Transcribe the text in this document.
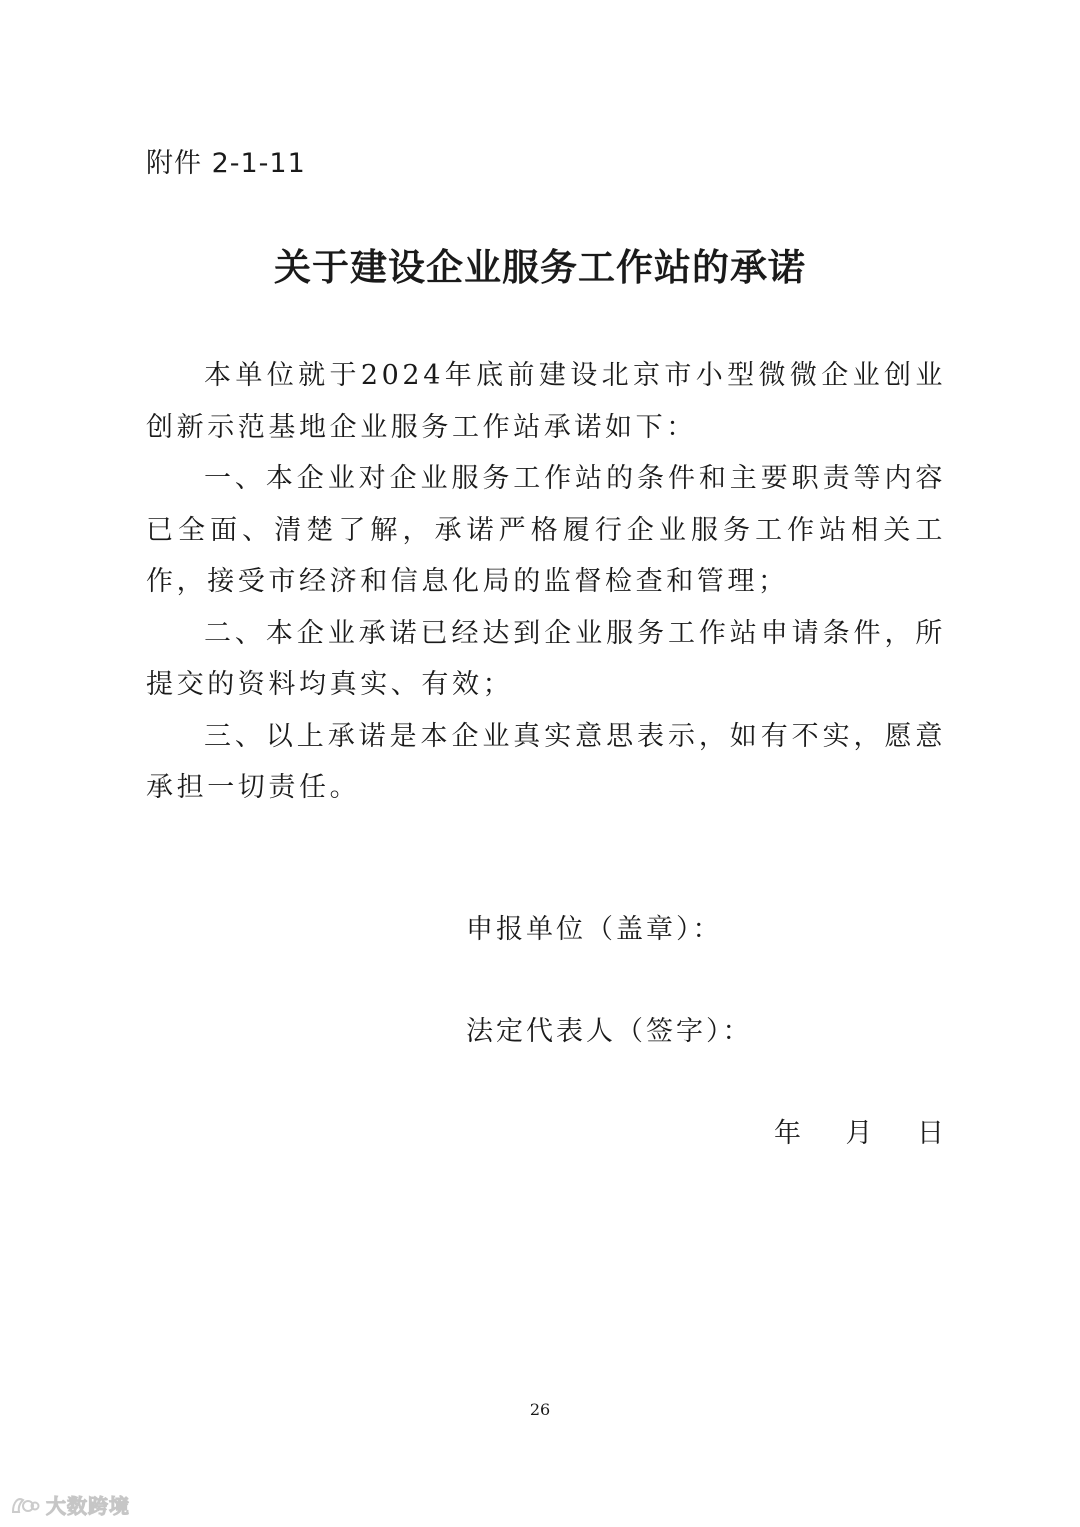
附件 2-1-11
关于建设企业服务工作站的承诺

本单位就于2024年底前建设北京市小型微微企业创业创新示范基地企业服务工作站承诺如下：

一、本企业对企业服务工作站的条件和主要职责等内容已全面、清楚了解，承诺严格履行企业服务工作站相关工作，接受市经济和信息化局的监督检查和管理；

二、本企业承诺已经达到企业服务工作站申请条件，所提交的资料均真实、有效；

三、以上承诺是本企业真实意思表示，如有不实，愿意承担一切责任。

申报单位（盖章）：
法定代表人（签字）：
年 月 日
26
大数跨境
